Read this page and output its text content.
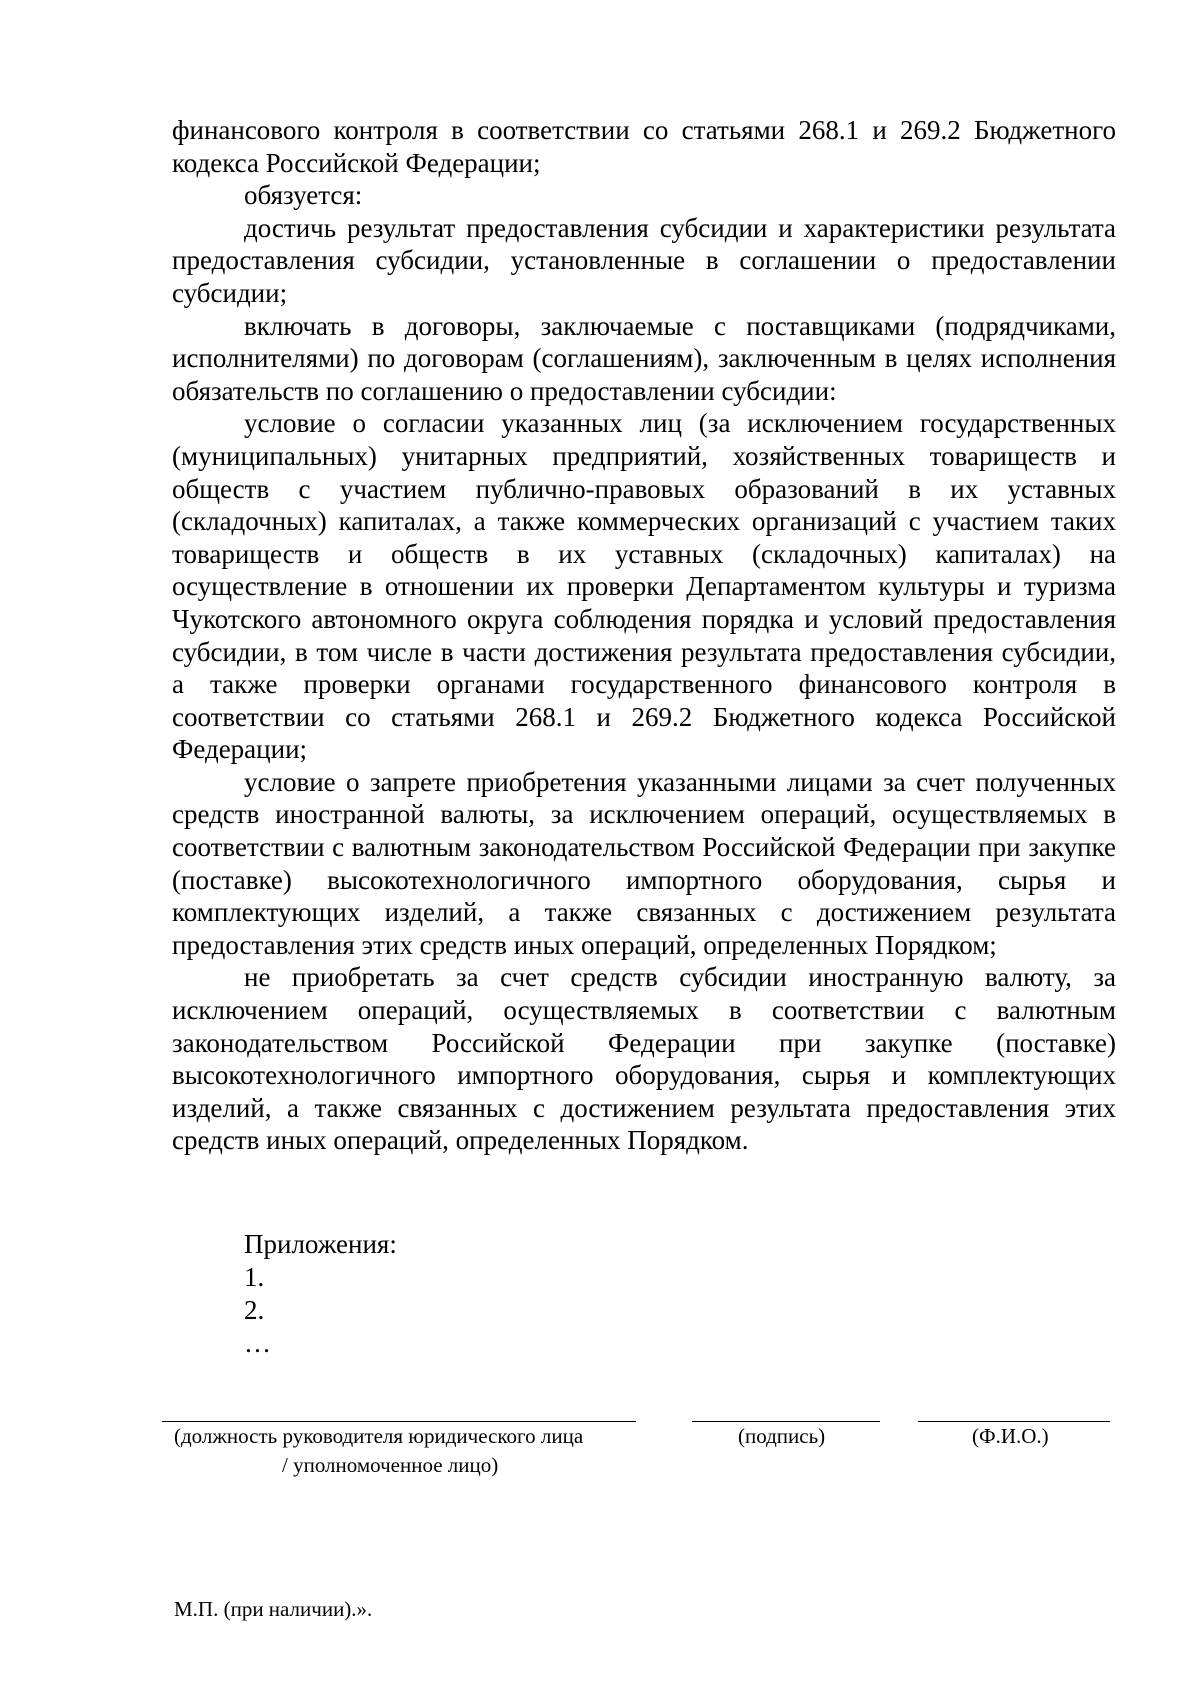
финансового контроля в соответствии со статьями 268.1 и 269.2 Бюджетного кодекса Российской Федерации;

обязуется:

достичь результат предоставления субсидии и характеристики результата предоставления субсидии, установленные в соглашении о предоставлении субсидии;

включать в договоры, заключаемые с поставщиками (подрядчиками, исполнителями) по договорам (соглашениям), заключенным в целях исполнения обязательств по соглашению о предоставлении субсидии:

условие о согласии указанных лиц (за исключением государственных (муниципальных) унитарных предприятий, хозяйственных товариществ и обществ с участием публично-правовых образований в их уставных (складочных) капиталах, а также коммерческих организаций с участием таких товариществ и обществ в их уставных (складочных) капиталах) на осуществление в отношении их проверки Департаментом культуры и туризма Чукотского автономного округа соблюдения порядка и условий предоставления субсидии, в том числе в части достижения результата предоставления субсидии, а также проверки органами государственного финансового контроля в соответствии со статьями 268.1 и 269.2 Бюджетного кодекса Российской Федерации;

условие о запрете приобретения указанными лицами за счет полученных средств иностранной валюты, за исключением операций, осуществляемых в соответствии с валютным законодательством Российской Федерации при закупке (поставке) высокотехнологичного импортного оборудования, сырья и комплектующих изделий, а также связанных с достижением результата предоставления этих средств иных операций, определенных Порядком;

не приобретать за счет средств субсидии иностранную валюту, за исключением операций, осуществляемых в соответствии с валютным законодательством Российской Федерации при закупке (поставке) высокотехнологичного импортного оборудования, сырья и комплектующих изделий, а также связанных с достижением результата предоставления этих средств иных операций, определенных Порядком.

Приложения:
1.
2.
…
(должность руководителя юридического лица
/ уполномоченное лицо)
(подпись)	(Ф.И.О.)
М.П. (при наличии).».
